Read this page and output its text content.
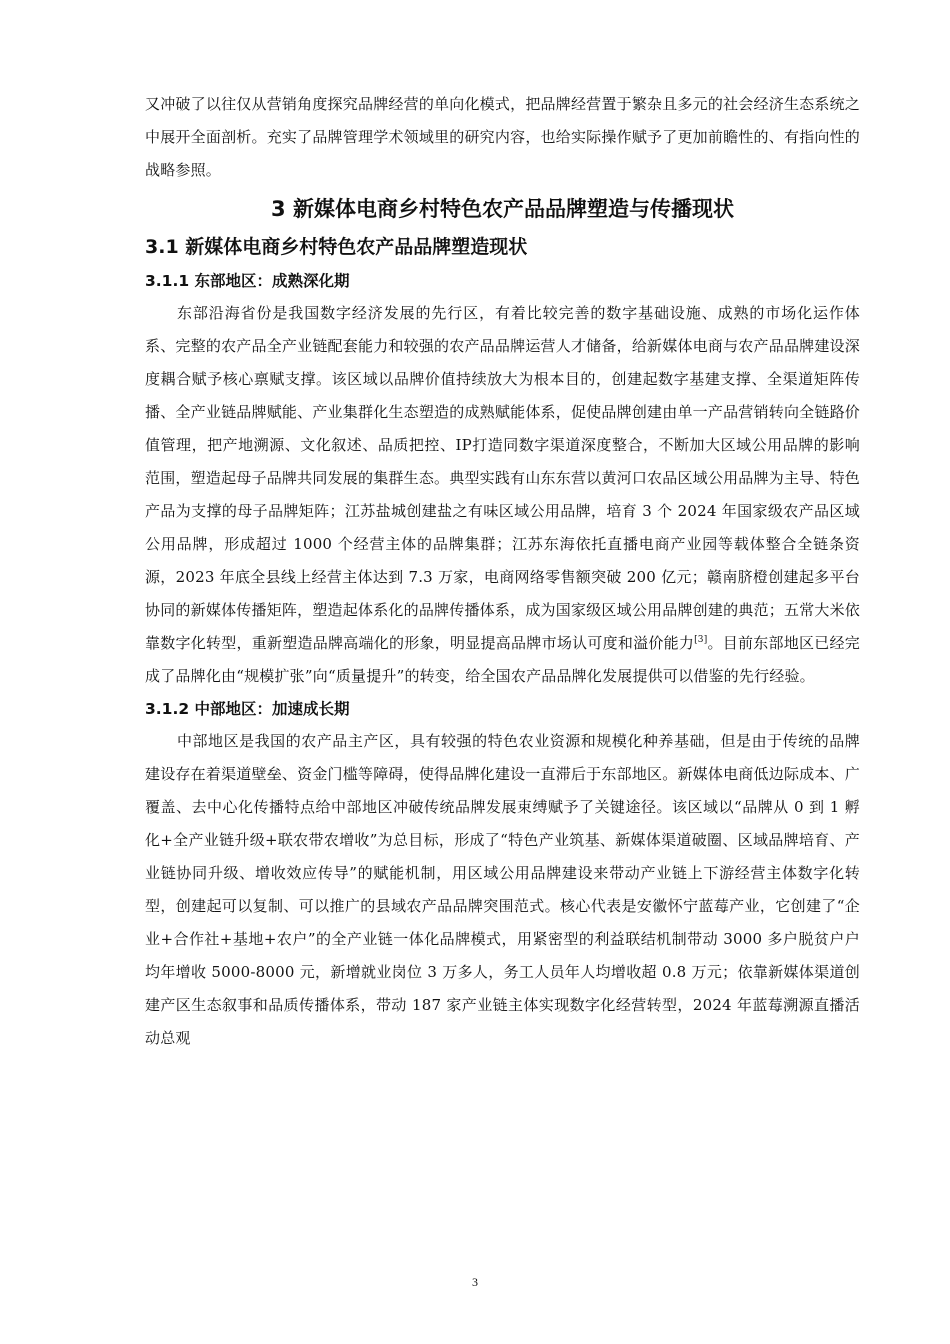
又冲破了以往仅从营销角度探究品牌经营的单向化模式，把品牌经营置于繁杂且多元的社会经济生态系统之中展开全面剖析。充实了品牌管理学术领域里的研究内容，也给实际操作赋予了更加前瞻性的、有指向性的战略参照。

3 新媒体电商乡村特色农产品品牌塑造与传播现状
3.1 新媒体电商乡村特色农产品品牌塑造现状
3.1.1 东部地区：成熟深化期

东部沿海省份是我国数字经济发展的先行区，有着比较完善的数字基础设施、成熟的市场化运作体系、完整的农产品全产业链配套能力和较强的农产品品牌运营人才储备，给新媒体电商与农产品品牌建设深度耦合赋予核心禀赋支撑。该区域以品牌价值持续放大为根本目的，创建起数字基建支撑、全渠道矩阵传播、全产业链品牌赋能、产业集群化生态塑造的成熟赋能体系，促使品牌创建由单一产品营销转向全链路价值管理，把产地溯源、文化叙述、品质把控、IP打造同数字渠道深度整合，不断加大区域公用品牌的影响范围，塑造起母子品牌共同发展的集群生态。典型实践有山东东营以黄河口农品区域公用品牌为主导、特色产品为支撑的母子品牌矩阵；江苏盐城创建盐之有味区域公用品牌，培育 3 个 2024 年国家级农产品区域公用品牌，形成超过 1000 个经营主体的品牌集群；江苏东海依托直播电商产业园等载体整合全链条资源，2023 年底全县线上经营主体达到 7.3 万家，电商网络零售额突破 200 亿元；赣南脐橙创建起多平台协同的新媒体传播矩阵，塑造起体系化的品牌传播体系，成为国家级区域公用品牌创建的典范；五常大米依靠数字化转型，重新塑造品牌高端化的形象，明显提高品牌市场认可度和溢价能力[3]。目前东部地区已经完成了品牌化由“规模扩张”向“质量提升”的转变，给全国农产品品牌化发展提供可以借鉴的先行经验。

3.1.2 中部地区：加速成长期

中部地区是我国的农产品主产区，具有较强的特色农业资源和规模化种养基础，但是由于传统的品牌建设存在着渠道壁垒、资金门槛等障碍，使得品牌化建设一直滞后于东部地区。新媒体电商低边际成本、广覆盖、去中心化传播特点给中部地区冲破传统品牌发展束缚赋予了关键途径。该区域以“品牌从 0 到 1 孵化+全产业链升级+联农带农增收”为总目标，形成了“特色产业筑基、新媒体渠道破圈、区域品牌培育、产业链协同升级、增收效应传导”的赋能机制，用区域公用品牌建设来带动产业链上下游经营主体数字化转型，创建起可以复制、可以推广的县域农产品品牌突围范式。核心代表是安徽怀宁蓝莓产业，它创建了“企业+合作社+基地+农户”的全产业链一体化品牌模式，用紧密型的利益联结机制带动 3000 多户脱贫户户均年增收 5000-8000 元，新增就业岗位 3 万多人，务工人员年人均增收超 0.8 万元；依靠新媒体渠道创建产区生态叙事和品质传播体系，带动 187 家产业链主体实现数字化经营转型，2024 年蓝莓溯源直播活动总观

3
